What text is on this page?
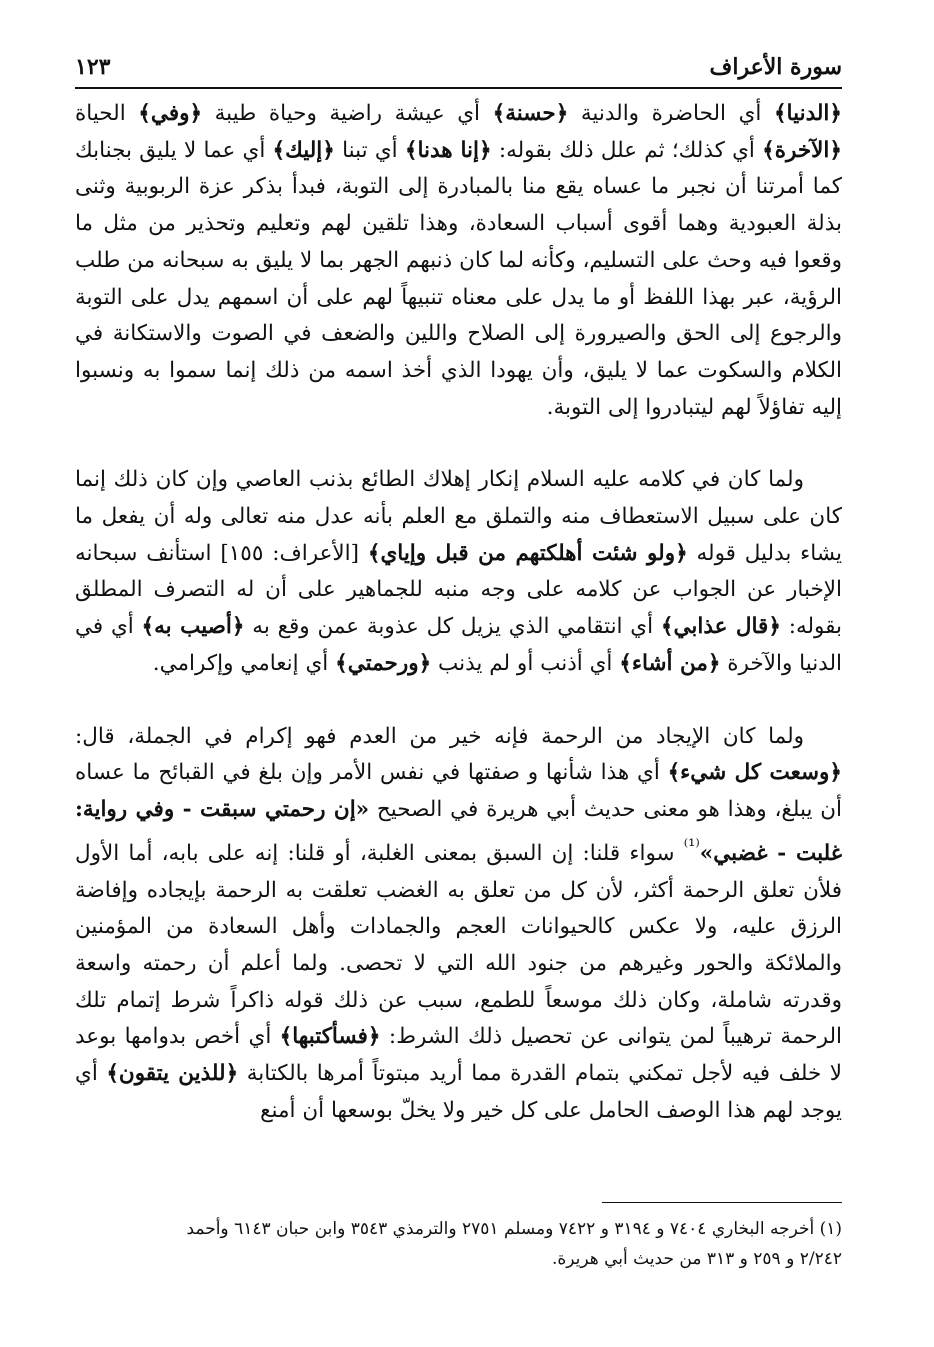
سورة الأعراف
١٢٣

﴿الدنيا﴾ أي الحاضرة والدنية ﴿حسنة﴾ أي عيشة راضية وحياة طيبة ﴿وفي﴾ الحياة ﴿الآخرة﴾ أي كذلك؛ ثم علل ذلك بقوله: ﴿إنا هدنا﴾ أي تبنا ﴿إليك﴾ أي عما لا يليق بجنابك كما أمرتنا أن نجبر ما عساه يقع منا بالمبادرة إلى التوبة، فبدأ بذكر عزة الربوبية وثنى بذلة العبودية وهما أقوى أسباب السعادة، وهذا تلقين لهم وتعليم وتحذير من مثل ما وقعوا فيه وحث على التسليم، وكأنه لما كان ذنبهم الجهر بما لا يليق به سبحانه من طلب الرؤية، عبر بهذا اللفظ أو ما يدل على معناه تنبيهاً لهم على أن اسمهم يدل على التوبة والرجوع إلى الحق والصيرورة إلى الصلاح واللين والضعف في الصوت والاستكانة في الكلام والسكوت عما لا يليق، وأن يهودا الذي أخذ اسمه من ذلك إنما سموا به ونسبوا إليه تفاؤلاً لهم ليتبادروا إلى التوبة.

ولما كان في كلامه عليه السلام إنكار إهلاك الطائع بذنب العاصي وإن كان ذلك إنما كان على سبيل الاستعطاف منه والتملق مع العلم بأنه عدل منه تعالى وله أن يفعل ما يشاء بدليل قوله ﴿ولو شئت أهلكتهم من قبل وإياي﴾ [الأعراف: ١٥٥] استأنف سبحانه الإخبار عن الجواب عن كلامه على وجه منبه للجماهير على أن له التصرف المطلق بقوله: ﴿قال عذابي﴾ أي انتقامي الذي يزيل كل عذوبة عمن وقع به ﴿أصيب به﴾ أي في الدنيا والآخرة ﴿من أشاء﴾ أي أذنب أو لم يذنب ﴿ورحمتي﴾ أي إنعامي وإكرامي.

ولما كان الإيجاد من الرحمة فإنه خير من العدم فهو إكرام في الجملة، قال: ﴿وسعت كل شيء﴾ أي هذا شأنها و صفتها في نفس الأمر وإن بلغ في القبائح ما عساه أن يبلغ، وهذا هو معنى حديث أبي هريرة في الصحيح «إن رحمتي سبقت - وفي رواية: غلبت - غضبي»$^{^{(1)}}$ سواء قلنا: إن السبق بمعنى الغلبة، أو قلنا: إنه على بابه، أما الأول فلأن تعلق الرحمة أكثر، لأن كل من تعلق به الغضب تعلقت به الرحمة بإيجاده وإفاضة الرزق عليه، ولا عكس كالحيوانات العجم والجمادات وأهل السعادة من المؤمنين والملائكة والحور وغيرهم من جنود الله التي لا تحصى. ولما أعلم أن رحمته واسعة وقدرته شاملة، وكان ذلك موسعاً للطمع، سبب عن ذلك قوله ذاكراً شرط إتمام تلك الرحمة ترهيباً لمن يتوانى عن تحصيل ذلك الشرط: ﴿فسأكتبها﴾ أي أخص بدوامها بوعد لا خلف فيه لأجل تمكني بتمام القدرة مما أريد مبتوتاً أمرها بالكتابة ﴿للذين يتقون﴾ أي يوجد لهم هذا الوصف الحامل على كل خير ولا يخلّ بوسعها أن أمنع

(١) أخرجه البخاري ٧٤٠٤ و ٣١٩٤ و ٧٤٢٢ ومسلم ٢٧٥١ والترمذي ٣٥٤٣ وابن حبان ٦١٤٣ وأحمد
٢/٢٤٢ و ٢٥٩ و ٣١٣ من حديث أبي هريرة.
